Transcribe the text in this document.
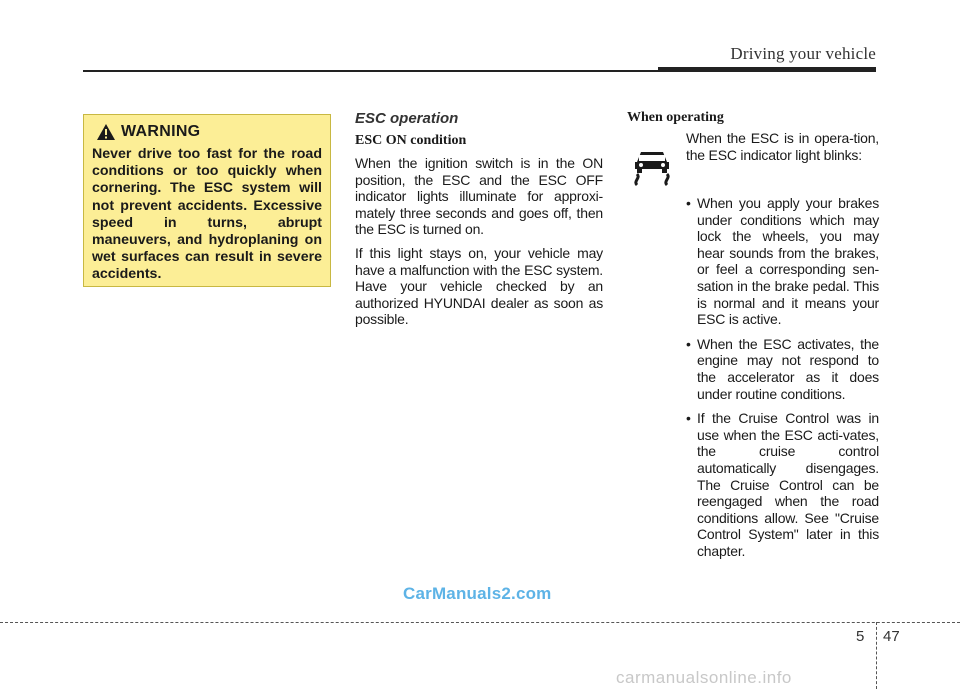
Driving your vehicle
WARNING
Never drive too fast for the road conditions or too quickly when cornering. The ESC system will not prevent accidents. Excessive speed in turns, abrupt maneuvers, and hydroplaning on wet surfaces can result in severe accidents.
ESC operation
ESC ON condition

When the ignition switch is in the ON position, the ESC and the ESC OFF indicator lights illuminate for approxi-mately three seconds and goes off, then the ESC is turned on.

If this light stays on, your vehicle may have a malfunction with the ESC system. Have your vehicle checked by an authorized HYUNDAI dealer as soon as possible.

When operating
When the ESC is in opera-tion, the ESC indicator light blinks:
• When you apply your brakes under conditions which may lock the wheels, you may hear sounds from the brakes, or feel a corresponding sen-sation in the brake pedal. This is normal and it means your ESC is active.
• When the ESC activates, the engine may not respond to the accelerator as it does under routine conditions.
• If the Cruise Control was in use when the ESC acti-vates, the cruise control automatically disengages. The Cruise Control can be reengaged when the road conditions allow. See "Cruise Control System" later in this chapter.
CarManuals2.com
5 47
carmanualsonline.info
